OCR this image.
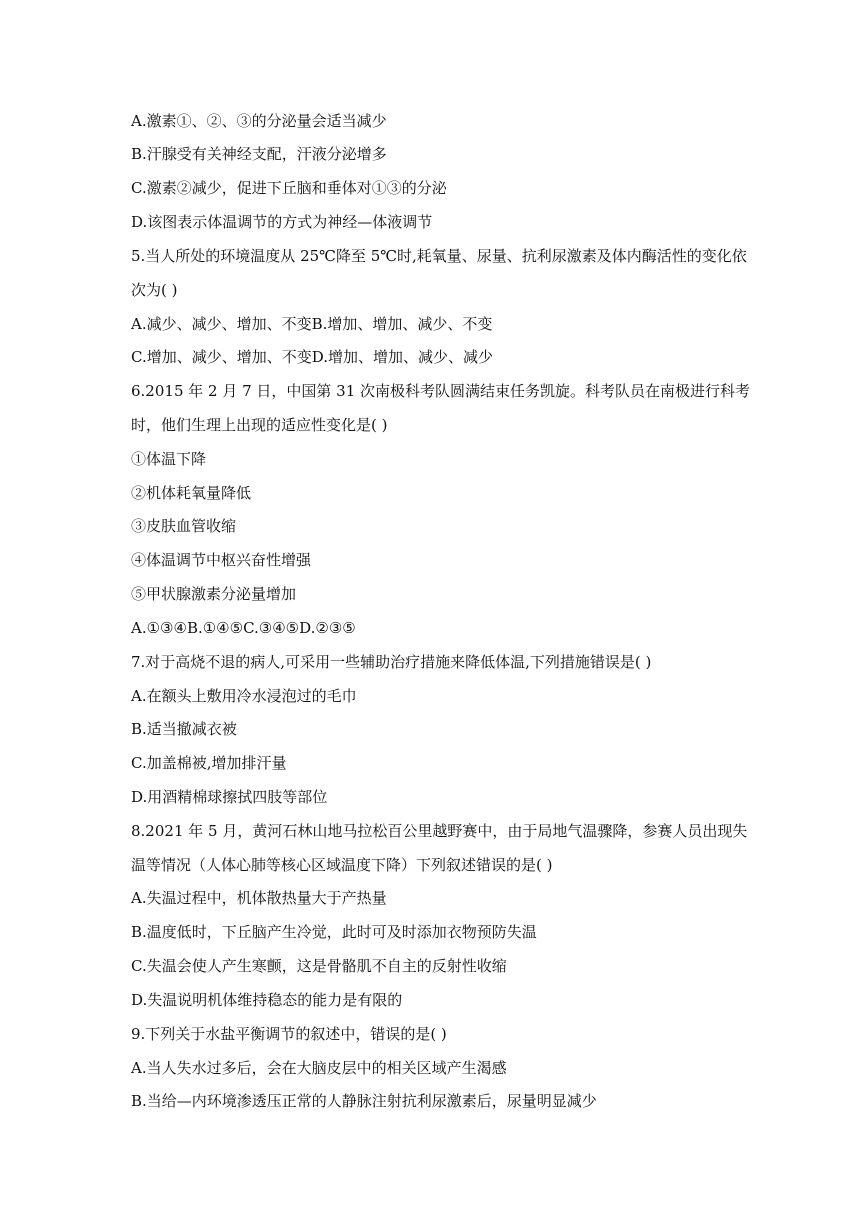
A.激素①、②、③的分泌量会适当减少
B.汗腺受有关神经支配，汗液分泌增多
C.激素②减少，促进下丘脑和垂体对①③的分泌
D.该图表示体温调节的方式为神经—体液调节
5.当人所处的环境温度从 25℃降至 5℃时,耗氧量、尿量、抗利尿激素及体内酶活性的变化依
次为( )
A.减少、减少、增加、不变B.增加、增加、减少、不变
C.增加、减少、增加、不变D.增加、增加、减少、减少
6.2015 年 2 月 7 日，中国第 31 次南极科考队圆满结束任务凯旋。科考队员在南极进行科考
时，他们生理上出现的适应性变化是( )
①体温下降
②机体耗氧量降低
③皮肤血管收缩
④体温调节中枢兴奋性增强
⑤甲状腺激素分泌量增加
A.①③④B.①④⑤C.③④⑤D.②③⑤
7.对于高烧不退的病人,可采用一些辅助治疗措施来降低体温,下列措施错误是( )
A.在额头上敷用冷水浸泡过的毛巾
B.适当撤减衣被
C.加盖棉被,增加排汗量
D.用酒精棉球擦拭四肢等部位
8.2021 年 5 月，黄河石林山地马拉松百公里越野赛中，由于局地气温骤降，参赛人员出现失
温等情况（人体心肺等核心区域温度下降）下列叙述错误的是( )
A.失温过程中，机体散热量大于产热量
B.温度低时，下丘脑产生冷觉，此时可及时添加衣物预防失温
C.失温会使人产生寒颤，这是骨骼肌不自主的反射性收缩
D.失温说明机体维持稳态的能力是有限的
9.下列关于水盐平衡调节的叙述中，错误的是( )
A.当人失水过多后，会在大脑皮层中的相关区域产生渴感
B.当给—内环境渗透压正常的人静脉注射抗利尿激素后，尿量明显减少
